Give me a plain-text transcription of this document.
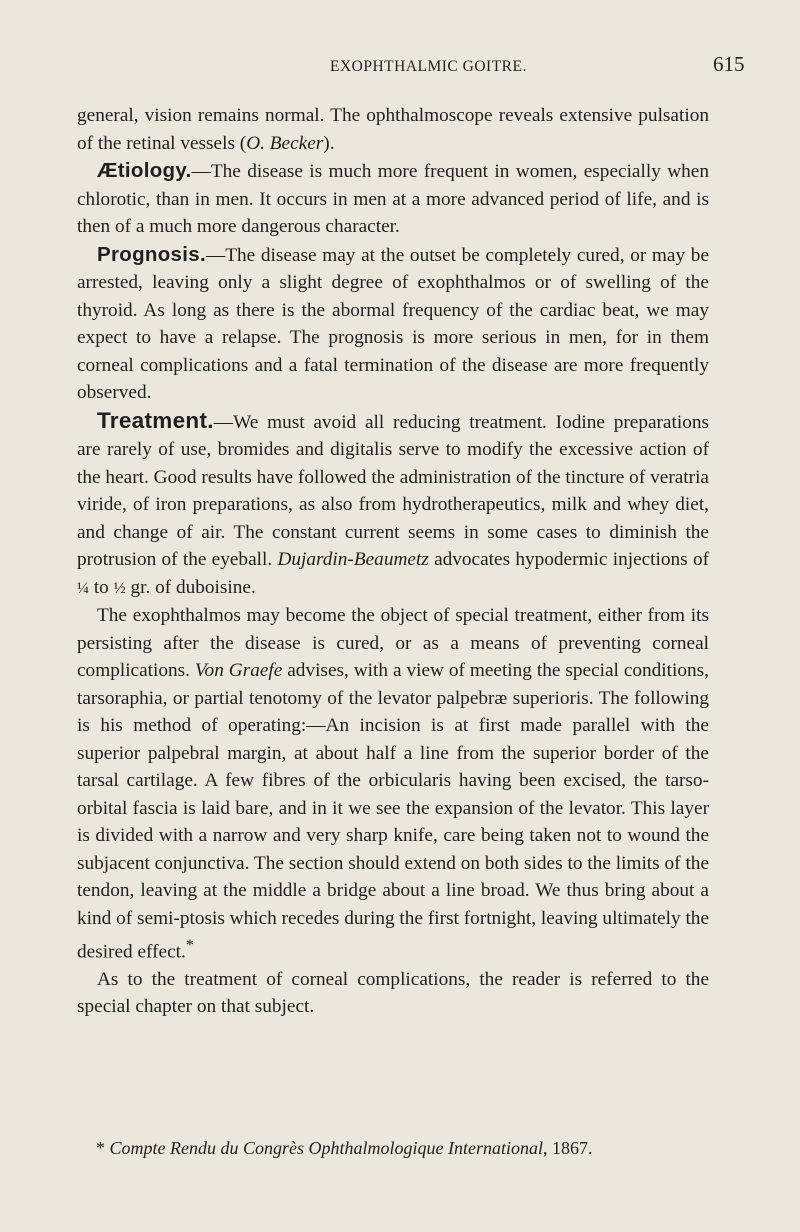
EXOPHTHALMIC GOITRE.	615

general, vision remains normal. The ophthalmoscope reveals extensive pulsation of the retinal vessels (O. Becker).

Ætiology.—The disease is much more frequent in women, especially when chlorotic, than in men. It occurs in men at a more advanced period of life, and is then of a much more dangerous character.

Prognosis.—The disease may at the outset be completely cured, or may be arrested, leaving only a slight degree of exophthalmos or of swelling of the thyroid. As long as there is the abormal frequency of the cardiac beat, we may expect to have a relapse. The prognosis is more serious in men, for in them corneal complications and a fatal termination of the disease are more frequently observed.

Treatment.—We must avoid all reducing treatment. Iodine preparations are rarely of use, bromides and digitalis serve to modify the excessive action of the heart. Good results have followed the administration of the tincture of veratria viride, of iron preparations, as also from hydrotherapeutics, milk and whey diet, and change of air. The constant current seems in some cases to diminish the protrusion of the eyeball. Dujardin-Beaumetz advocates hypodermic injections of ¼ to ½ gr. of duboisine.

The exophthalmos may become the object of special treatment, either from its persisting after the disease is cured, or as a means of preventing corneal complications. Von Graefe advises, with a view of meeting the special conditions, tarsoraphia, or partial tenotomy of the levator palpebræ superioris. The following is his method of operating:—An incision is at first made parallel with the superior palpebral margin, at about half a line from the superior border of the tarsal cartilage. A few fibres of the orbicularis having been excised, the tarso-orbital fascia is laid bare, and in it we see the expansion of the levator. This layer is divided with a narrow and very sharp knife, care being taken not to wound the subjacent conjunctiva. The section should extend on both sides to the limits of the tendon, leaving at the middle a bridge about a line broad. We thus bring about a kind of semi-ptosis which recedes during the first fortnight, leaving ultimately the desired effect.*

As to the treatment of corneal complications, the reader is referred to the special chapter on that subject.

* Compte Rendu du Congrès Ophthalmologique International, 1867.
